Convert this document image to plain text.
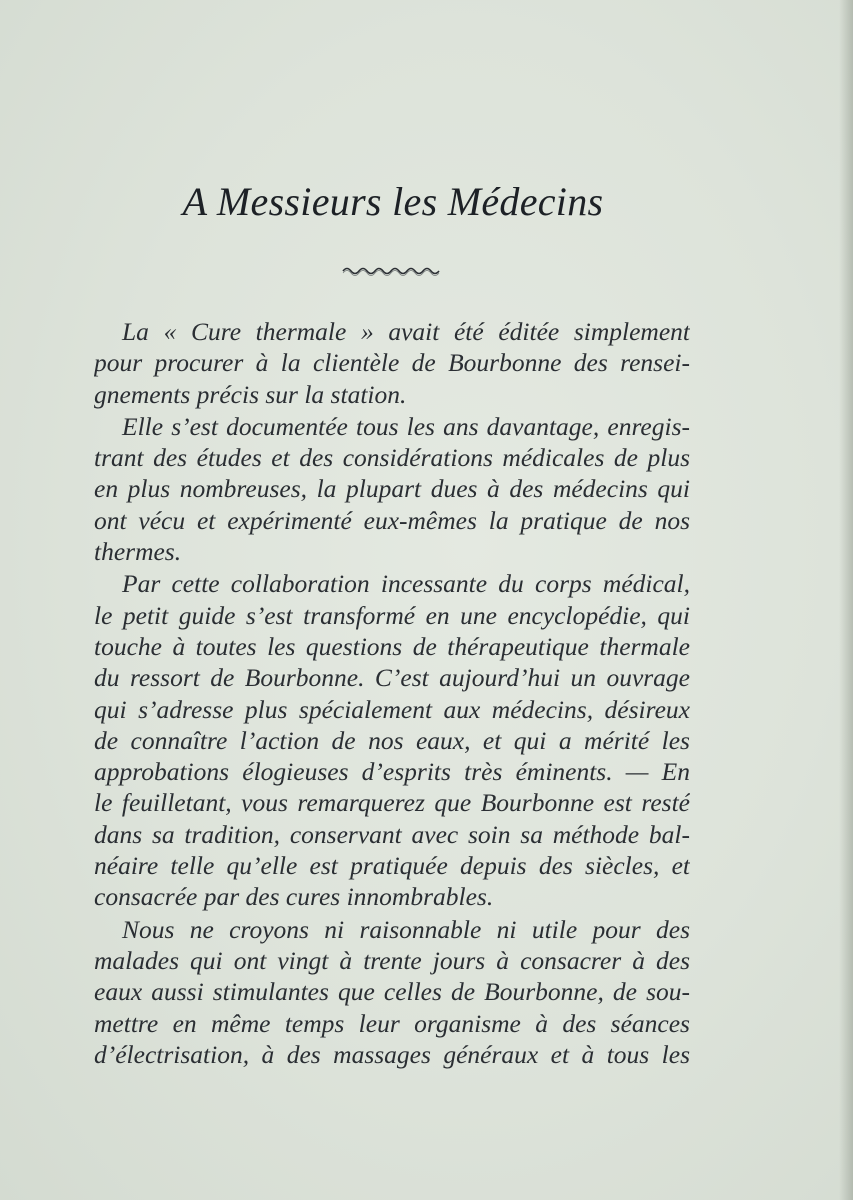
A Messieurs les Médecins

La « Cure thermale » avait été éditée simplement
pour procurer à la clientèle de Bourbonne des rensei-
gnements précis sur la station.

Elle s’est documentée tous les ans davantage, enregis-
trant des études et des considérations médicales de plus
en plus nombreuses, la plupart dues à des médecins qui
ont vécu et expérimenté eux-mêmes la pratique de nos
thermes.

Par cette collaboration incessante du corps médical,
le petit guide s’est transformé en une encyclopédie, qui
touche à toutes les questions de thérapeutique thermale
du ressort de Bourbonne. C’est aujourd’hui un ouvrage
qui s’adresse plus spécialement aux médecins, désireux
de connaître l’action de nos eaux, et qui a mérité les
approbations élogieuses d’esprits très éminents. — En
le feuilletant, vous remarquerez que Bourbonne est resté
dans sa tradition, conservant avec soin sa méthode bal-
néaire telle qu’elle est pratiquée depuis des siècles, et
consacrée par des cures innombrables.

Nous ne croyons ni raisonnable ni utile pour des
malades qui ont vingt à trente jours à consacrer à des
eaux aussi stimulantes que celles de Bourbonne, de sou-
mettre en même temps leur organisme à des séances
d’électrisation, à des massages généraux et à tous les
